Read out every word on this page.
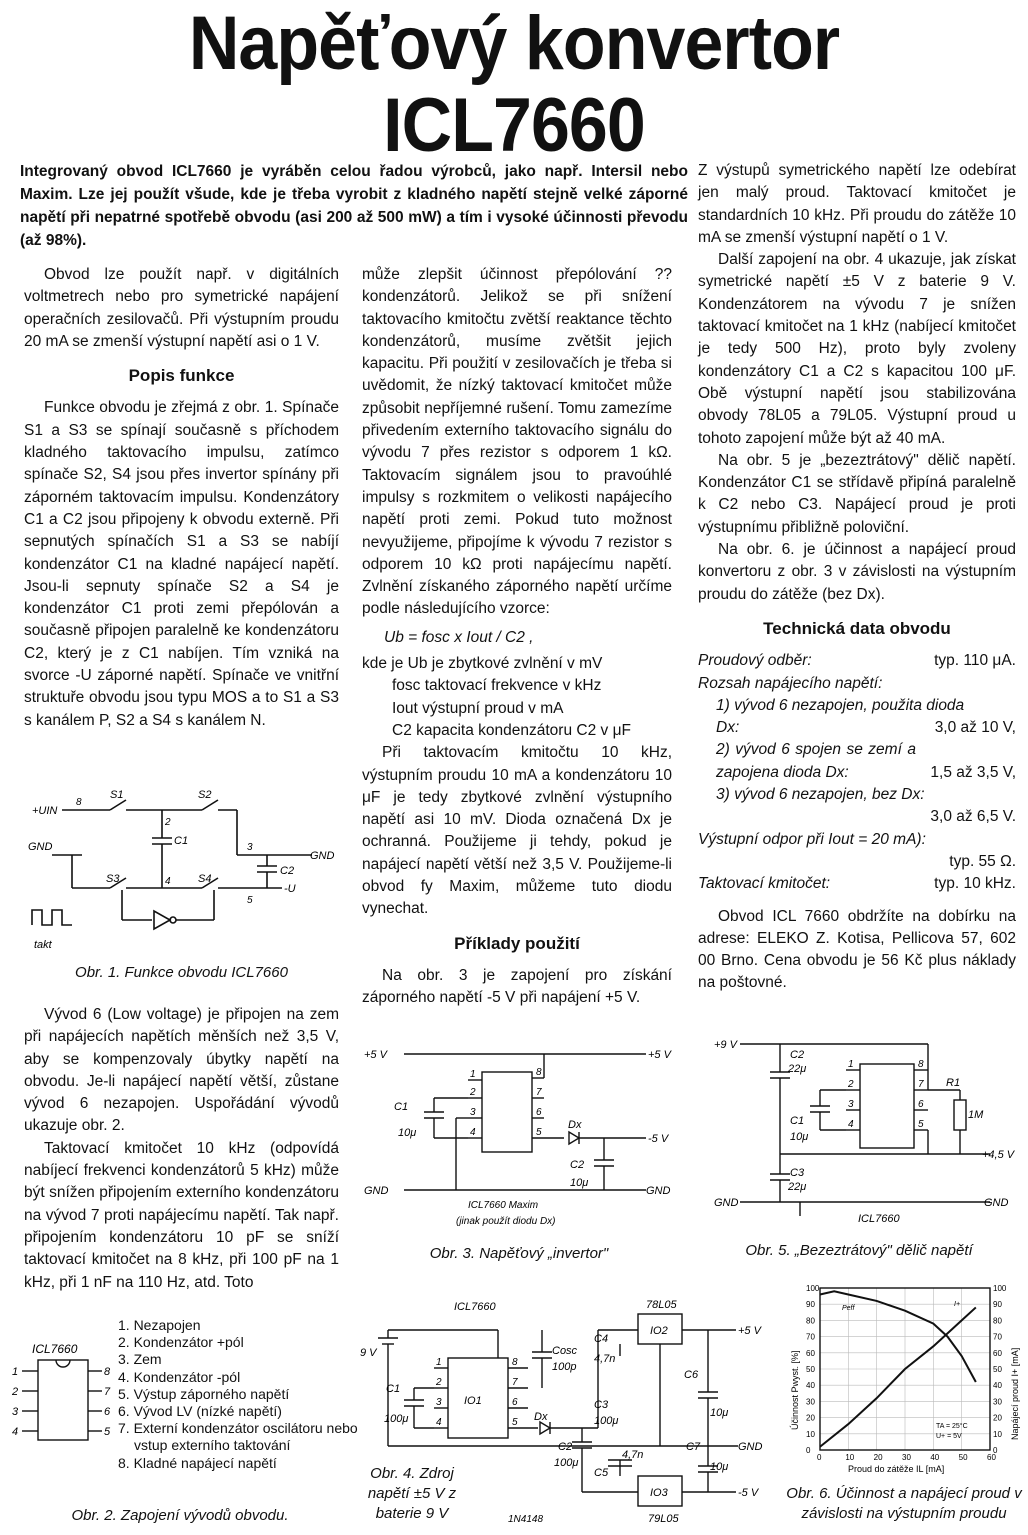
Napěťový konvertor
ICL7660

Integrovaný obvod ICL7660 je vyráběn celou řadou výrobců, jako např. Intersil nebo Maxim. Lze jej použít všude, kde je třeba vyrobit z kladného napětí stejně velké záporné napětí při nepatrné spotřebě obvodu (asi 200 až 500 mW) a tím i vysoké účinnosti převodu (až 98%).

Obvod lze použít např. v digitálních voltmetrech nebo pro symetrické napájení operačních zesilovačů. Při výstupním proudu 20 mA se zmenší výstupní napětí asi o 1 V.

Popis funkce

Funkce obvodu je zřejmá z obr. 1. Spínače S1 a S3 se spínají současně s příchodem kladného taktovacího impulsu, zatímco spínače S2, S4 jsou přes invertor spínány při záporném taktovacím impulsu. Kondenzátory C1 a C2 jsou připojeny k obvodu externě. Při sepnutých spínačích S1 a S3 se nabíjí kondenzátor C1 na kladné napájecí napětí. Jsou-li sepnuty spínače S2 a S4 je kondenzátor C1 proti zemi přepólován a současně připojen paralelně ke kondenzátoru C2, který je z C1 nabíjen. Tím vzniká na svorce -U záporné napětí. Spínače ve vnitřní struktuře obvodu jsou typu MOS a to S1 a S3 s kanálem P, S2 a S4 s kanálem N.

+UIN
GND
S1	S2
S3	S4
C1
C2
GND
-U
takt
8
2
3
4
5
Obr. 1. Funkce obvodu ICL7660

Vývod 6 (Low voltage) je připojen na zem při napájecích napětích měnších než 3,5 V, aby se kompenzovaly úbytky napětí na obvodu. Je-li napájecí napětí větší, zůstane vývod 6 nezapojen. Uspořádání vývodů ukazuje obr. 2.

Taktovací kmitočet 10 kHz (odpovídá nabíjecí frekvenci kondenzátorů 5 kHz) může být snížen připojením externího kondenzátoru na vývod 7 proti napájecímu napětí. Tak např. připojením kondenzátoru 10 pF se sníží taktovací kmitočet na 8 kHz, při 100 pF na 1 kHz, při 1 nF na 110 Hz, atd. Toto

ICL7660
1
2
3
4
8
7
6
5
1. Nezapojen
2. Kondenzátor +pól
3. Zem
4. Kondenzátor -pól
5. Výstup záporného napětí
6. Vývod LV (nízké napětí)
7. Externí kondenzátor oscilátoru nebo vstup externího taktování
8. Kladné napájecí napětí
Obr. 2. Zapojení vývodů obvodu.

může zlepšit účinnost přepólování ?? kondenzátorů. Jelikož se při snížení taktovacího kmitočtu zvětší reaktance těchto kondenzátorů, musíme zvětšit jejich kapacitu. Při použití v zesilovačích je třeba si uvědomit, že nízký taktovací kmitočet může způsobit nepříjemné rušení. Tomu zamezíme přivedením externího taktovacího signálu do vývodu 7 přes rezistor s odporem 1 kΩ. Taktovacím signálem jsou to pravoúhlé impulsy s rozkmitem o velikosti napájecího napětí proti zemi. Pokud tuto možnost nevyužijeme, připojíme k vývodu 7 rezistor s odporem 10 kΩ proti napájecímu napětí. Zvlnění získaného záporného napětí určíme podle následujícího vzorce:

Ub = fosc x Iout / C2 ,
kde je Ub je zbytkové zvlnění v mV
fosc taktovací frekvence v kHz
Iout výstupní proud v mA
C2 kapacita kondenzátoru C2 v μF

Při taktovacím kmitočtu 10 kHz, výstupním proudu 10 mA a kondenzátoru 10 μF je tedy zbytkové zvlnění výstupního napětí asi 10 mV. Dioda označená Dx je ochranná. Použijeme ji tehdy, pokud je napájecí napětí větší než 3,5 V. Použijeme-li obvod fy Maxim, můžeme tuto diodu vynechat.

Příklady použití

Na obr. 3 je zapojení pro získání záporného napětí -5 V při napájení +5 V.

+5 V	+5 V
-5 V
C1
10μ
C2
10μ
Dx
GND	GND
ICL7660 Maxim
(jinak použít diodu Dx)
1
2
3
4
8
7
6
5
Obr. 3. Napěťový „invertor"

Z výstupů symetrického napětí lze odebírat jen malý proud. Taktovací kmitočet je standardních 10 kHz. Při proudu do zátěže 10 mA se zmenší výstupní napětí o 1 V.

Další zapojení na obr. 4 ukazuje, jak získat symetrické napětí ±5 V z baterie 9 V. Kondenzátorem na vývodu 7 je snížen taktovací kmitočet na 1 kHz (nabíjecí kmitočet je tedy 500 Hz), proto byly zvoleny kondenzátory C1 a C2 s kapacitou 100 μF. Obě výstupní napětí jsou stabilizována obvody 78L05 a 79L05. Výstupní proud u tohoto zapojení může být až 40 mA.

Na obr. 5 je „bezeztrátový" dělič napětí. Kondenzátor C1 se střídavě připíná paralelně k C2 nebo C3. Napájecí proud je proti výstupnímu přibližně poloviční.

Na obr. 6. je účinnost a napájecí proud konvertoru z obr. 3 v závislosti na výstupním proudu do zátěže (bez Dx).

Technická data obvodu
Proudový odběr:	typ. 110 μA.
Rozsah napájecího napětí:
1) vývod 6 nezapojen, použita dioda
Dx:	3,0 až 10 V,
2) vývod 6 spojen se zemí a zapojena dioda Dx:	1,5 až 3,5 V,
3) vývod 6 nezapojen, bez Dx:
3,0 až 6,5 V.
Výstupní odpor při Iout = 20 mA):
typ. 55 Ω.
Taktovací kmitočet:	typ. 10 kHz.

Obvod ICL 7660 obdržíte na dobírku na adrese: ELEKO Z. Kotisa, Pellicova 57, 602 00 Brno. Cena obvodu je 56 Kč plus náklady na poštovné.

+9 V
C2
22μ
C1
10μ
R1
1M
C3
22μ
+4,5 V
GND	GND
ICL7660
1
2
3
4
8
7
6
5
Obr. 5. „Bezeztrátový" dělič napětí
ICL7660
9 V
78L05
79L05
IO1
IO2
IO3
+5 V
-5 V
GND
C1
100μ
Cosc
100p
C4
4,7n
C3
100μ
C2
100μ
C5
4,7n
C6
10μ
C7
10μ
Dx
1N4148
1
2
3
4
8
7
6
5
Obr. 4. Zdroj napětí ±5 V z baterie 9 V
0	10 20 30 40 50 60
0	0
10	10
20	20
30	30
40	40
50	50
60	60
70	70
80	80
90	90
100	100
Proud do zátěže IL [mA]
Účinnost Pwyst. [%]	Napájecí proud I+ [mA]
TA = 25°C
U+ = 5V
Peff
I+
Obr. 6. Účinnost a napájecí proud v závislosti na výstupním proudu
